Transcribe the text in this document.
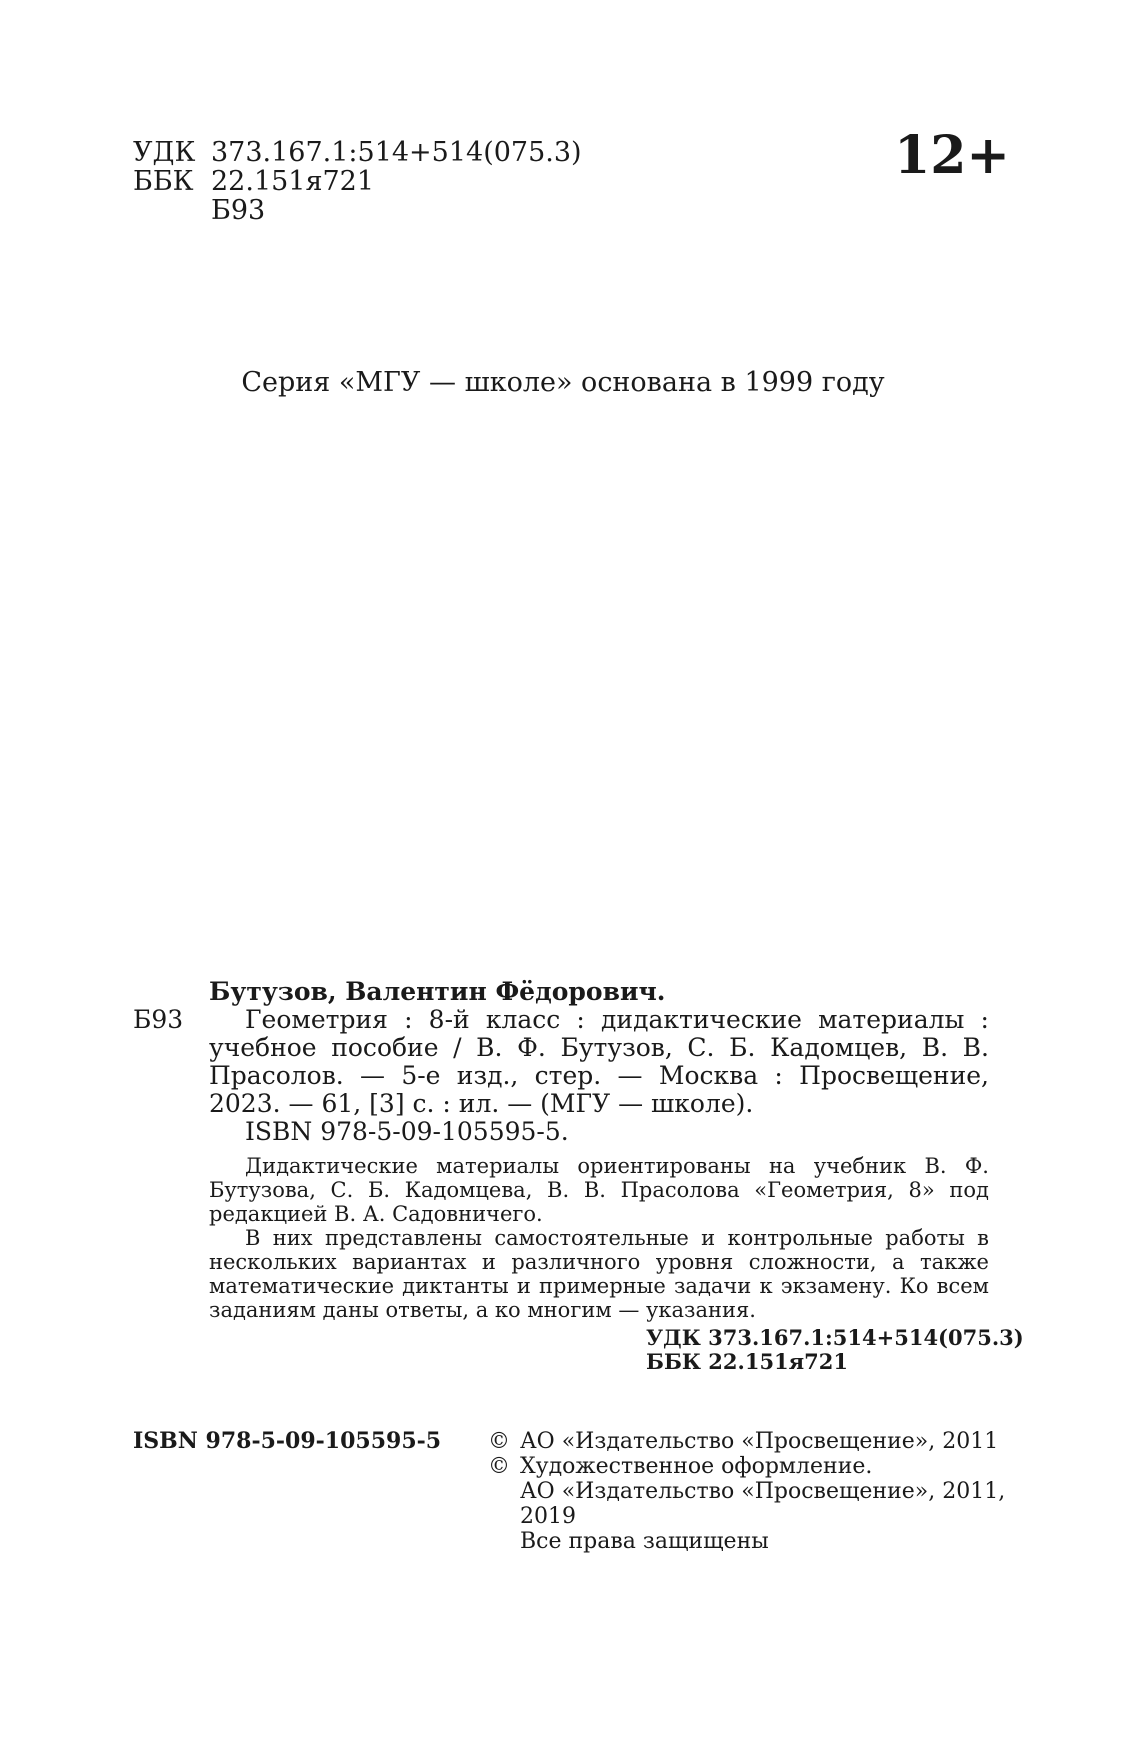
УДК 373.167.1:514+514(075.3)
ББК 22.151я721
Б93
12+
Серия «МГУ — школе» основана в 1999 году
Бутузов, Валентин Фёдорович.
Б93	Геометрия : 8-й класс : дидактические материалы : учебное пособие / В. Ф. Бутузов, С. Б. Кадомцев, В. В. Прасолов. — 5-е изд., стер. — Москва : Просвещение, 2023. — 61, [3] с. : ил. — (МГУ — школе).
ISBN 978-5-09-105595-5.

Дидактические материалы ориентированы на учебник В. Ф. Бутузова, С. Б. Кадомцева, В. В. Прасолова «Геометрия, 8» под редакцией В. А. Садовничего.

В них представлены самостоятельные и контрольные работы в нескольких вариантах и различного уровня сложности, а также математические диктанты и примерные задачи к экзамену. Ко всем заданиям даны ответы, а ко многим — указания.

УДК 373.167.1:514+514(075.3)
ББК 22.151я721
ISBN 978-5-09-105595-5 © АО «Издательство «Просвещение», 2011
© Художественное оформление.
АО «Издательство «Просвещение», 2011, 2019
Все права защищены
